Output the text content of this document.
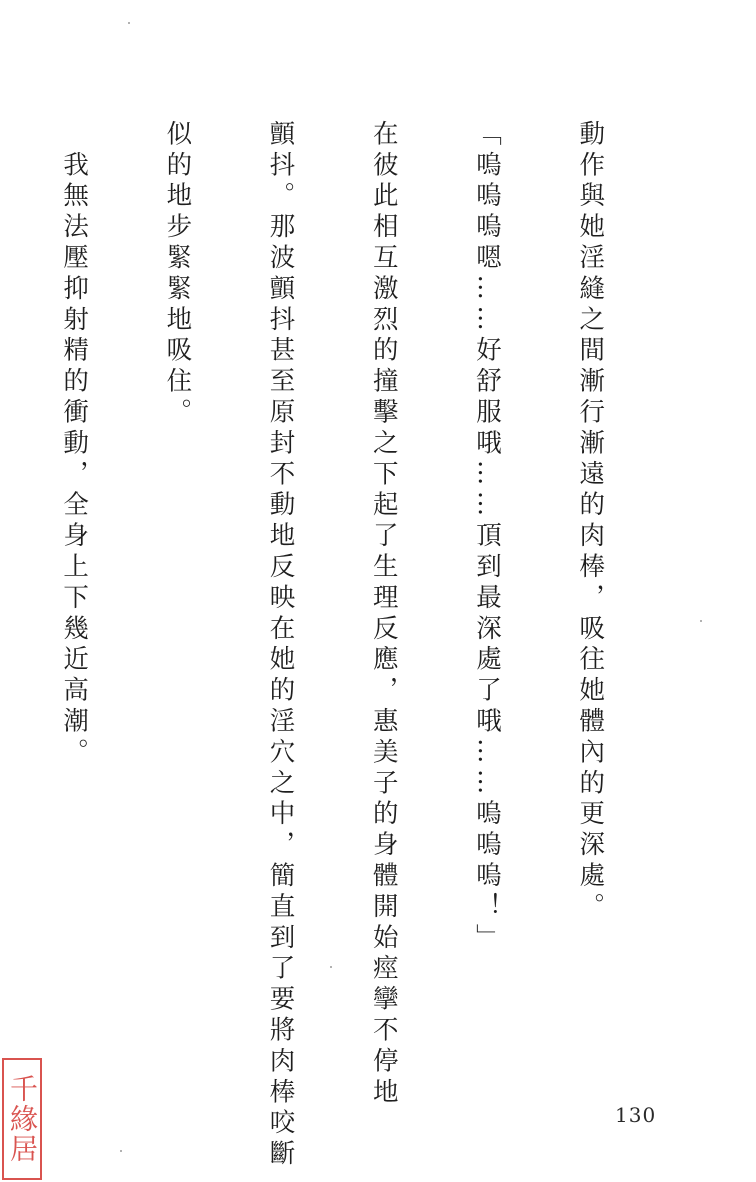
動作與她淫縫之間漸行漸遠的肉棒，吸往她體內的更深處。

「嗚嗚嗚嗯……好舒服哦……頂到最深處了哦……嗚嗚嗚！」

在彼此相互激烈的撞擊之下起了生理反應，惠美子的身體開始痙攣不停地

顫抖。那波顫抖甚至原封不動地反映在她的淫穴之中，簡直到了要將肉棒咬斷

似的地步緊緊地吸住。

　我無法壓抑射精的衝動，全身上下幾近高潮。

130
千緣居
